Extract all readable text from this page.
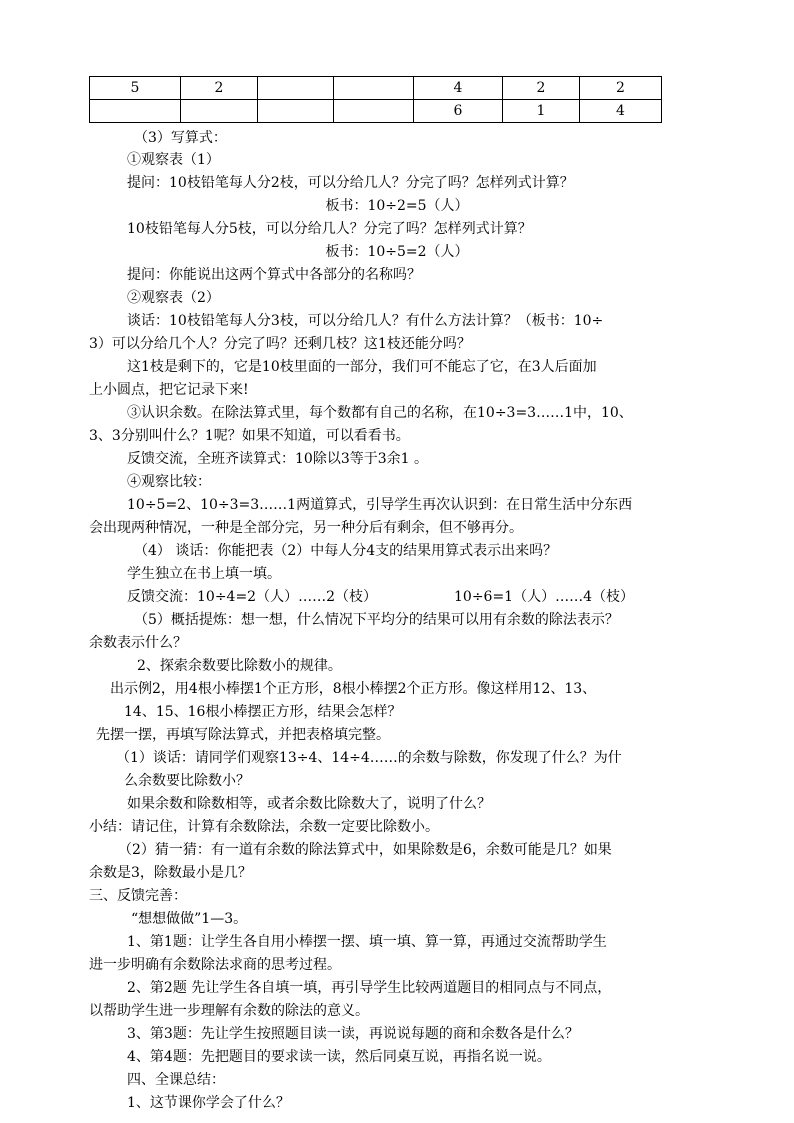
5	2			4	2	2
				6	1	4
（3）写算式：
①观察表（1）
提问：10枝铅笔每人分2枝，可以分给几人？分完了吗？怎样列式计算？
板书：10÷2=5（人）
10枝铅笔每人分5枝，可以分给几人？分完了吗？怎样列式计算？
板书：10÷5=2（人）
提问：你能说出这两个算式中各部分的名称吗？
②观察表（2）
谈话：10枝铅笔每人分3枝，可以分给几人？有什么方法计算？（板书：10÷
3）可以分给几个人？分完了吗？还剩几枝？这1枝还能分吗？
这1枝是剩下的，它是10枝里面的一部分，我们可不能忘了它，在3人后面加
上小圆点，把它记录下来!
③认识余数。在除法算式里，每个数都有自己的名称，在10÷3=3……1中，10、
3、3分别叫什么？1呢？如果不知道，可以看看书。
反馈交流，全班齐读算式：10除以3等于3余1 。
④观察比较：
10÷5=2、10÷3=3……1两道算式，引导学生再次认识到：在日常生活中分东西
会出现两种情况，一种是全部分完，另一种分后有剩余，但不够再分。
（4） 谈话：你能把表（2）中每人分4支的结果用算式表示出来吗？
学生独立在书上填一填。
反馈交流：10÷4=2（人）……2（枝）	10÷6=1（人）……4（枝）
（5）概括提炼：想一想，什么情况下平均分的结果可以用有余数的除法表示？
余数表示什么？
2、探索余数要比除数小的规律。
出示例2，用4根小棒摆1个正方形，8根小棒摆2个正方形。像这样用12、13、
14、15、16根小棒摆正方形，结果会怎样？
先摆一摆，再填写除法算式，并把表格填完整。
（1）谈话：请同学们观察13÷4、14÷4……的余数与除数，你发现了什么？为什
么余数要比除数小？
如果余数和除数相等，或者余数比除数大了，说明了什么？
小结：请记住，计算有余数除法，余数一定要比除数小。
（2）猜一猜：有一道有余数的除法算式中，如果除数是6，余数可能是几？如果
余数是3，除数最小是几？
三、反馈完善：
“想想做做”1—3。
1、第1题：让学生各自用小棒摆一摆、填一填、算一算，再通过交流帮助学生
进一步明确有余数除法求商的思考过程。
2、第2题 先让学生各自填一填，再引导学生比较两道题目的相同点与不同点，
以帮助学生进一步理解有余数的除法的意义。
3、第3题：先让学生按照题目读一读，再说说每题的商和余数各是什么？
4、第4题：先把题目的要求读一读，然后同桌互说，再指名说一说。
四、全课总结：
1、这节课你学会了什么？
